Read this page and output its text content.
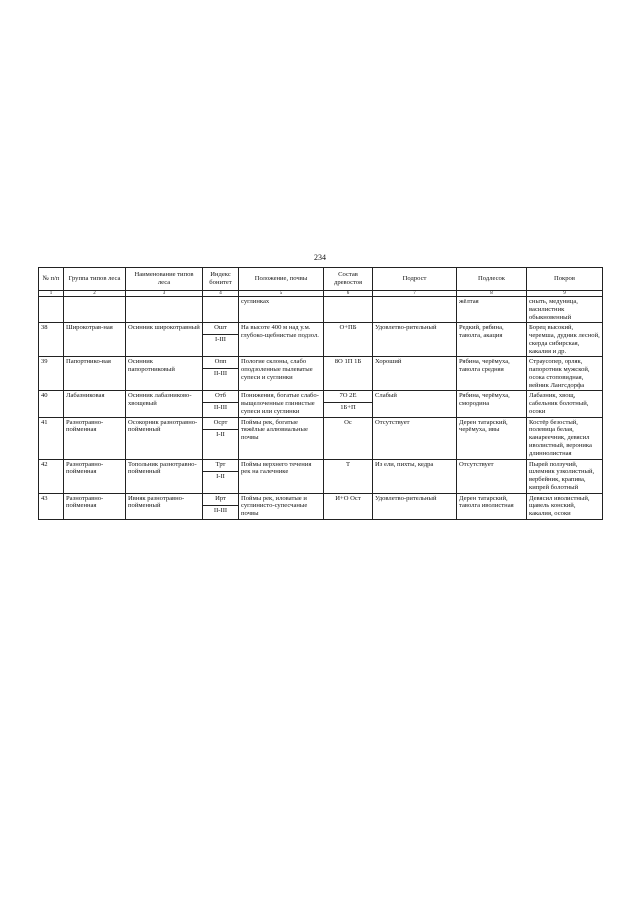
234
№ п/п	Группа типов леса	Наименование типов леса	Индекс бонитет	Положение, почвы	Состав древостоя	Подрост	Подлесок	Покров
1	2	3	4	5	6	7	8	9
				суглинках			жёлтая	сныть, медуница, василистник обыкновенный
38	Широкотрав-ная	Осинник широкотравный	Ошт	На высоте 400 м над у.м. глубоко-щебнистые подзол.	О+ПБ	Удовлетво-рительный	Редкий, рябина, таволга, акация	Борец высокий, черемша, дудник лесной, скерда сибирская, какалия и др.
			I-III					
39	Папортнико-вая	Осинник папоротниковый	Опп	Пологие склоны, слабо оподзоленные пылеватые супеси и суглинки	8О 1П 1Б	Хороший	Рябина, черёмуха, таволга средняя	Страусопер, орляк, папоротник мужской, осока стоповидная, вейник Лангсдорфа
			II-III					
40	Лабазниковая	Осинник лабазниково-хвощевый	Отб	Понижения, богатые слабо-выщелоченные глинистые супеси или суглинки	7О 2Е	Слабый	Рябина, черёмуха, смородина	Лабазник, хвощ, сабельник болотный, осоки
			II-III		1Б+П			
41	Разнотравно-пойменная	Осокорник разнотравно-пойменный	Осрт	Поймы рек, богатые тяжёлые аллювиальные почвы	Ос	Отсутствует	Дерен татарский, черёмуха, ивы	Костёр безостый, полевица белая, канареечник, девясил иволистный, вероника длиннолистная
			I-II					
42	Разнотравно-пойменная	Топольник разнотравно-пойменный	Трт	Поймы верхнего течения рек на галечнике	Т	Из ели, пихты, кедра	Отсутствует	Пырей ползучий, шлемник узколистный, вербейник, крапива, кипрей болотный
			I-II					
43	Разнотравно-пойменная	Ивняк разнотравно-пойменный	Ирт	Поймы рек, иловатые и суглинисто-супесчаные почвы	И+О Ост	Удовлетво-рительный	Дерен татарский, таволга иволистная	Девясил иволистный, щавель конский, какалия, осоки
			II-III					
